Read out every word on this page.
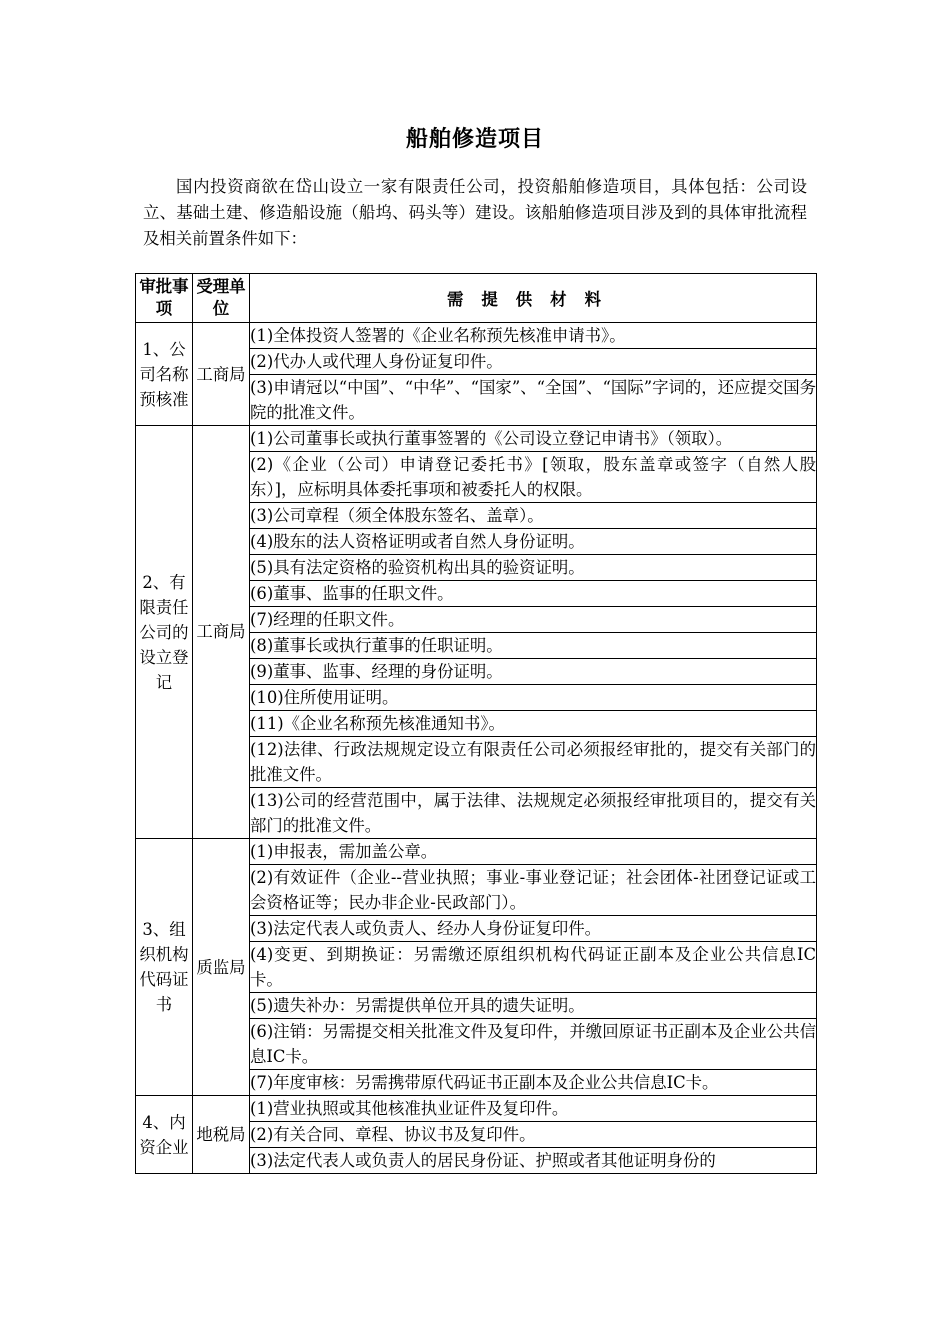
船舶修造项目

国内投资商欲在岱山设立一家有限责任公司，投资船舶修造项目，具体包括：公司设立、基础土建、修造船设施（船坞、码头等）建设。该船舶修造项目涉及到的具体审批流程及相关前置条件如下：

审批事项	受理单位	需提供材料
1、公司名称预核准	工商局	(1)全体投资人签署的《企业名称预先核准申请书》。
		(2)代办人或代理人身份证复印件。
		(3)申请冠以“中国”、“中华”、“国家”、“全国”、“国际”字词的，还应提交国务院的批准文件。
2、有限责任公司的设立登记	工商局	(1)公司董事长或执行董事签署的《公司设立登记申请书》（领取）。
		(2)《企业（公司）申请登记委托书》[领取，股东盖章或签字（自然人股东）]，应标明具体委托事项和被委托人的权限。
		(3)公司章程（须全体股东签名、盖章）。
		(4)股东的法人资格证明或者自然人身份证明。
		(5)具有法定资格的验资机构出具的验资证明。
		(6)董事、监事的任职文件。
		(7)经理的任职文件。
		(8)董事长或执行董事的任职证明。
		(9)董事、监事、经理的身份证明。
		(10)住所使用证明。
		(11)《企业名称预先核准通知书》。
		(12)法律、行政法规规定设立有限责任公司必须报经审批的，提交有关部门的批准文件。
		(13)公司的经营范围中，属于法律、法规规定必须报经审批项目的，提交有关部门的批准文件。
3、组织机构代码证书	质监局	(1)申报表，需加盖公章。
		(2)有效证件（企业--营业执照；事业-事业登记证；社会团体-社团登记证或工会资格证等；民办非企业-民政部门）。
		(3)法定代表人或负责人、经办人身份证复印件。
		(4)变更、到期换证：另需缴还原组织机构代码证正副本及企业公共信息IC卡。
		(5)遗失补办：另需提供单位开具的遗失证明。
		(6)注销：另需提交相关批准文件及复印件，并缴回原证书正副本及企业公共信息IC卡。
		(7)年度审核：另需携带原代码证书正副本及企业公共信息IC卡。
4、内资企业	地税局	(1)营业执照或其他核准执业证件及复印件。
		(2)有关合同、章程、协议书及复印件。
		(3)法定代表人或负责人的居民身份证、护照或者其他证明身份的
